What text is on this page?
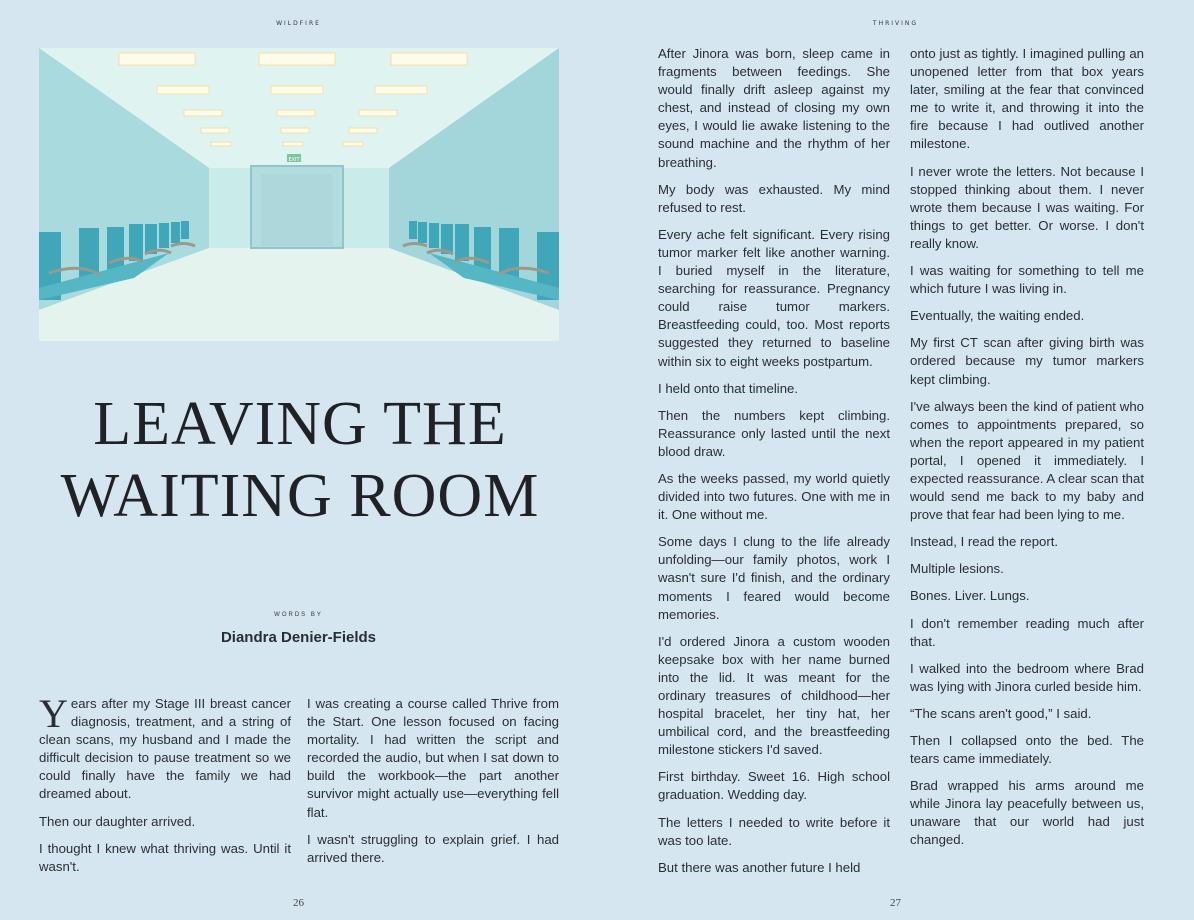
WILDFIRE
EXIT
LEAVING THE
WAITING ROOM
WORDS BY
Diandra Denier-Fields

Years after my Stage III breast cancer diagnosis, treatment, and a string of clean scans, my husband and I made the difficult decision to pause treatment so we could finally have the family we had dreamed about.

Then our daughter arrived.

I thought I knew what thriving was. Until it wasn't.

I was creating a course called Thrive from the Start. One lesson focused on facing mortality. I had written the script and recorded the audio, but when I sat down to build the workbook—the part another survivor might actually use—everything fell flat.

I wasn't struggling to explain grief. I had arrived there.

26
THRIVING

After Jinora was born, sleep came in fragments between feedings. She would finally drift asleep against my chest, and instead of closing my own eyes, I would lie awake listening to the sound machine and the rhythm of her breathing.

My body was exhausted. My mind refused to rest.

Every ache felt significant. Every rising tumor marker felt like another warning. I buried myself in the literature, searching for reassurance. Pregnancy could raise tumor markers. Breastfeeding could, too. Most reports suggested they returned to baseline within six to eight weeks postpartum.

I held onto that timeline.

Then the numbers kept climbing. Reassurance only lasted until the next blood draw.

As the weeks passed, my world quietly divided into two futures. One with me in it. One without me.

Some days I clung to the life already unfolding—our family photos, work I wasn't sure I'd finish, and the ordinary moments I feared would become memories.

I'd ordered Jinora a custom wooden keepsake box with her name burned into the lid. It was meant for the ordinary treasures of childhood—her hospital bracelet, her tiny hat, her umbilical cord, and the breastfeeding milestone stickers I'd saved.

First birthday. Sweet 16. High school graduation. Wedding day.

The letters I needed to write before it was too late.

But there was another future I held

onto just as tightly. I imagined pulling an unopened letter from that box years later, smiling at the fear that convinced me to write it, and throwing it into the fire because I had outlived another milestone.

I never wrote the letters. Not because I stopped thinking about them. I never wrote them because I was waiting. For things to get better. Or worse. I don't really know.

I was waiting for something to tell me which future I was living in.

Eventually, the waiting ended.

My first CT scan after giving birth was ordered because my tumor markers kept climbing.

I've always been the kind of patient who comes to appointments prepared, so when the report appeared in my patient portal, I opened it immediately. I expected reassurance. A clear scan that would send me back to my baby and prove that fear had been lying to me.

Instead, I read the report.

Multiple lesions.

Bones. Liver. Lungs.

I don't remember reading much after that.

I walked into the bedroom where Brad was lying with Jinora curled beside him.

“The scans aren't good,” I said.

Then I collapsed onto the bed. The tears came immediately.

Brad wrapped his arms around me while Jinora lay peacefully between us, unaware that our world had just changed.

27
